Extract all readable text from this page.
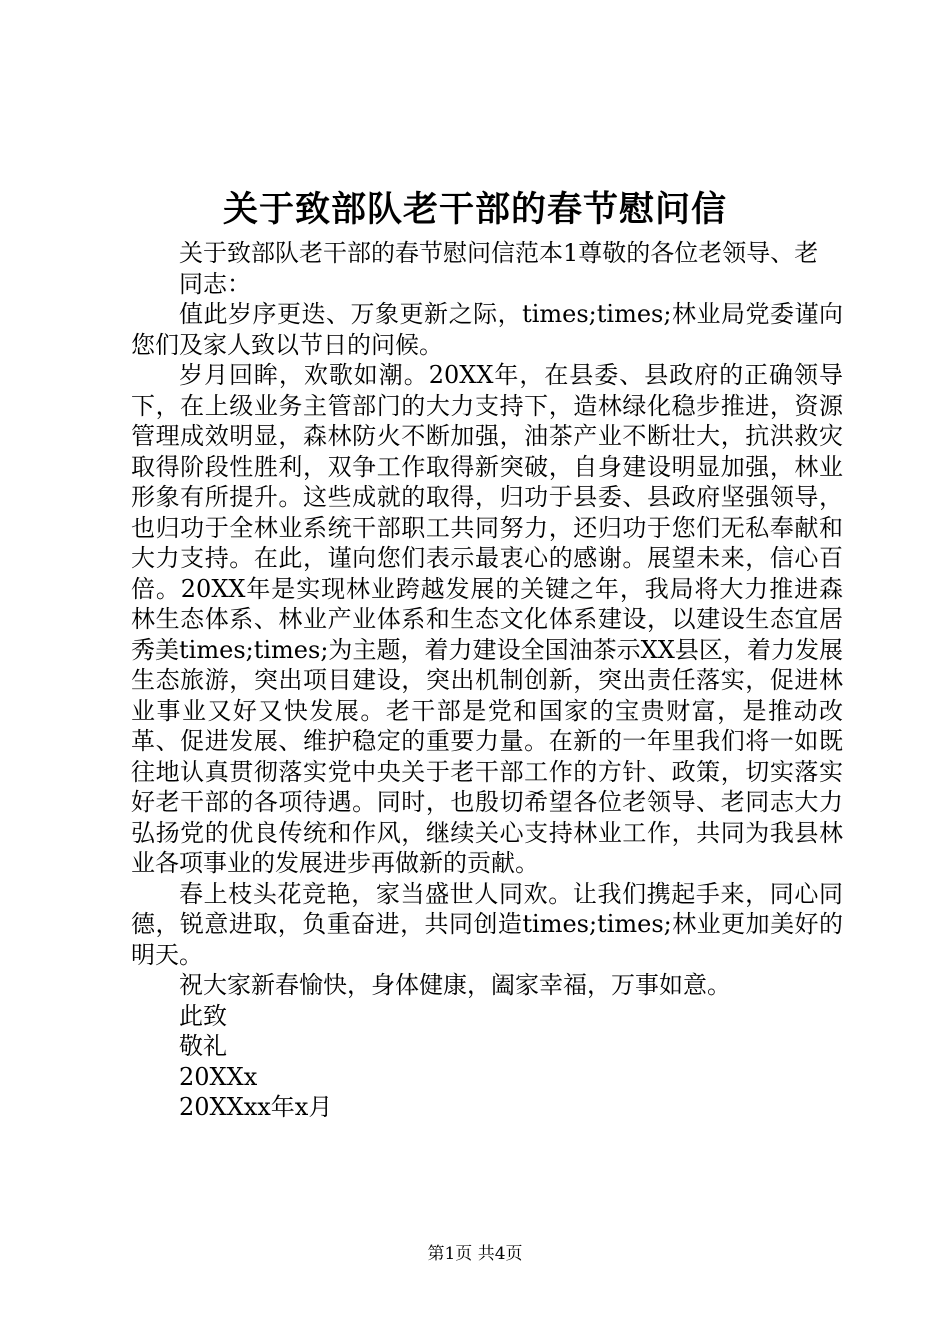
关于致部队老干部的春节慰问信

关于致部队老干部的春节慰问信范本1尊敬的各位老领导、老

同志：

值此岁序更迭、万象更新之际，times;times;林业局党委谨向您们及家人致以节日的问候。

岁月回眸，欢歌如潮。20XX年，在县委、县政府的正确领导下，在上级业务主管部门的大力支持下，造林绿化稳步推进，资源管理成效明显，森林防火不断加强，油茶产业不断壮大，抗洪救灾取得阶段性胜利，双争工作取得新突破，自身建设明显加强，林业形象有所提升。这些成就的取得，归功于县委、县政府坚强领导，也归功于全林业系统干部职工共同努力，还归功于您们无私奉献和大力支持。在此，谨向您们表示最衷心的感谢。展望未来，信心百倍。20XX年是实现林业跨越发展的关键之年，我局将大力推进森林生态体系、林业产业体系和生态文化体系建设，以建设生态宜居秀美times;times;为主题，着力建设全国油茶示XX县区，着力发展生态旅游，突出项目建设，突出机制创新，突出责任落实，促进林业事业又好又快发展。老干部是党和国家的宝贵财富，是推动改革、促进发展、维护稳定的重要力量。在新的一年里我们将一如既往地认真贯彻落实党中央关于老干部工作的方针、政策，切实落实好老干部的各项待遇。同时，也殷切希望各位老领导、老同志大力弘扬党的优良传统和作风，继续关心支持林业工作，共同为我县林业各项事业的发展进步再做新的贡献。

春上枝头花竞艳，家当盛世人同欢。让我们携起手来，同心同德，锐意进取，负重奋进，共同创造times;times;林业更加美好的明天。

祝大家新春愉快，身体健康，阖家幸福，万事如意。

此致

敬礼

20XXx

20XXxx年x月

第1页 共4页
